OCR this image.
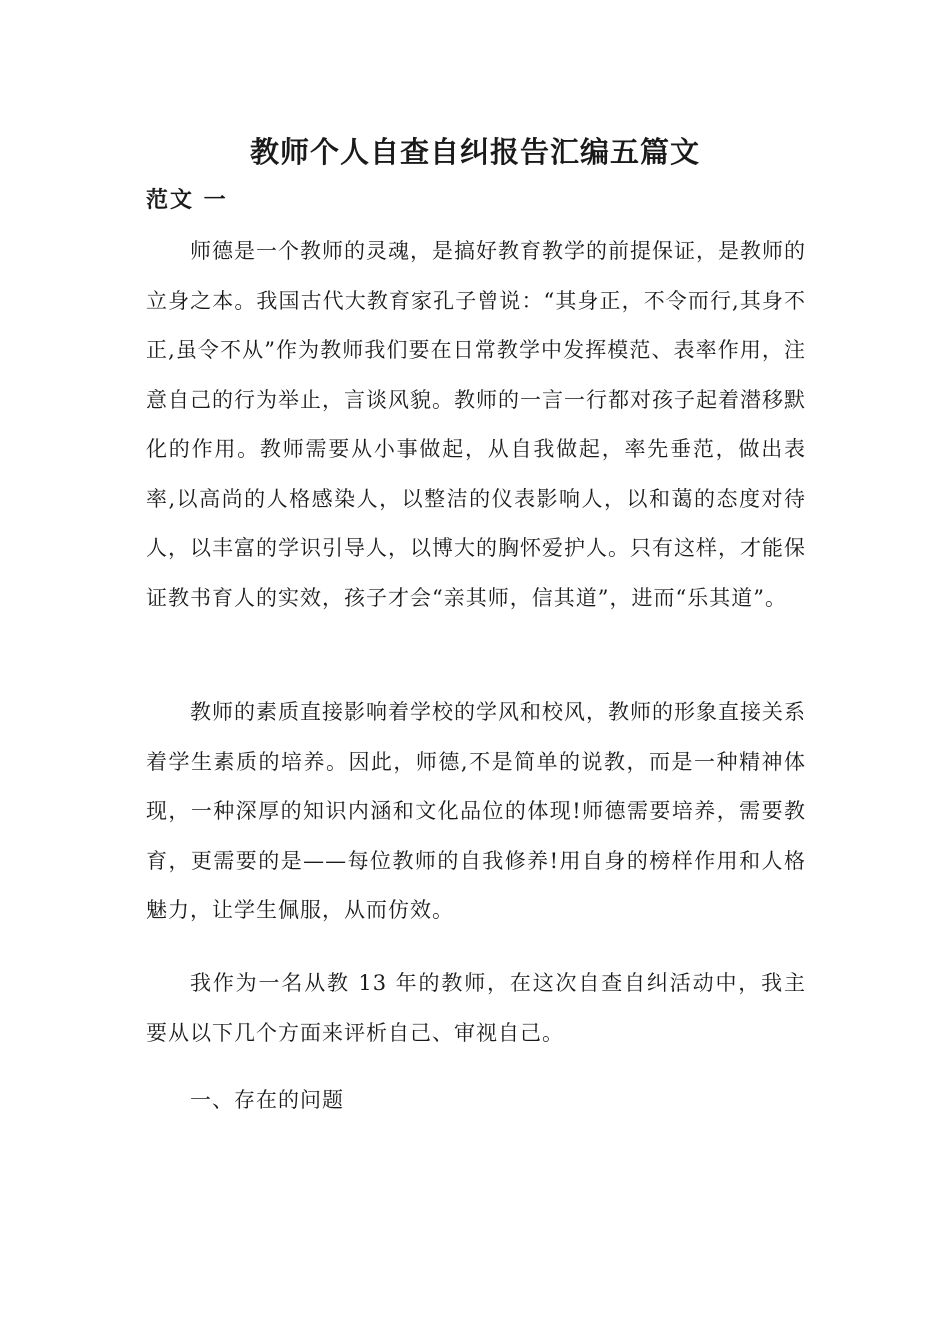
教师个人自查自纠报告汇编五篇文
范文 一

师德是一个教师的灵魂，是搞好教育教学的前提保证，是教师的立身之本。我国古代大教育家孔子曾说：“其身正，不令而行,其身不正,虽令不从”作为教师我们要在日常教学中发挥模范、表率作用，注意自己的行为举止，言谈风貌。教师的一言一行都对孩子起着潜移默化的作用。教师需要从小事做起，从自我做起，率先垂范，做出表率,以高尚的人格感染人，以整洁的仪表影响人，以和蔼的态度对待人，以丰富的学识引导人，以博大的胸怀爱护人。只有这样，才能保证教书育人的实效，孩子才会“亲其师，信其道”，进而“乐其道”。

教师的素质直接影响着学校的学风和校风，教师的形象直接关系着学生素质的培养。因此，师德,不是简单的说教，而是一种精神体现，一种深厚的知识内涵和文化品位的体现!师德需要培养，需要教育，更需要的是——每位教师的自我修养!用自身的榜样作用和人格魅力，让学生佩服，从而仿效。

我作为一名从教 13 年的教师，在这次自查自纠活动中，我主要从以下几个方面来评析自己、审视自己。

一、存在的问题
